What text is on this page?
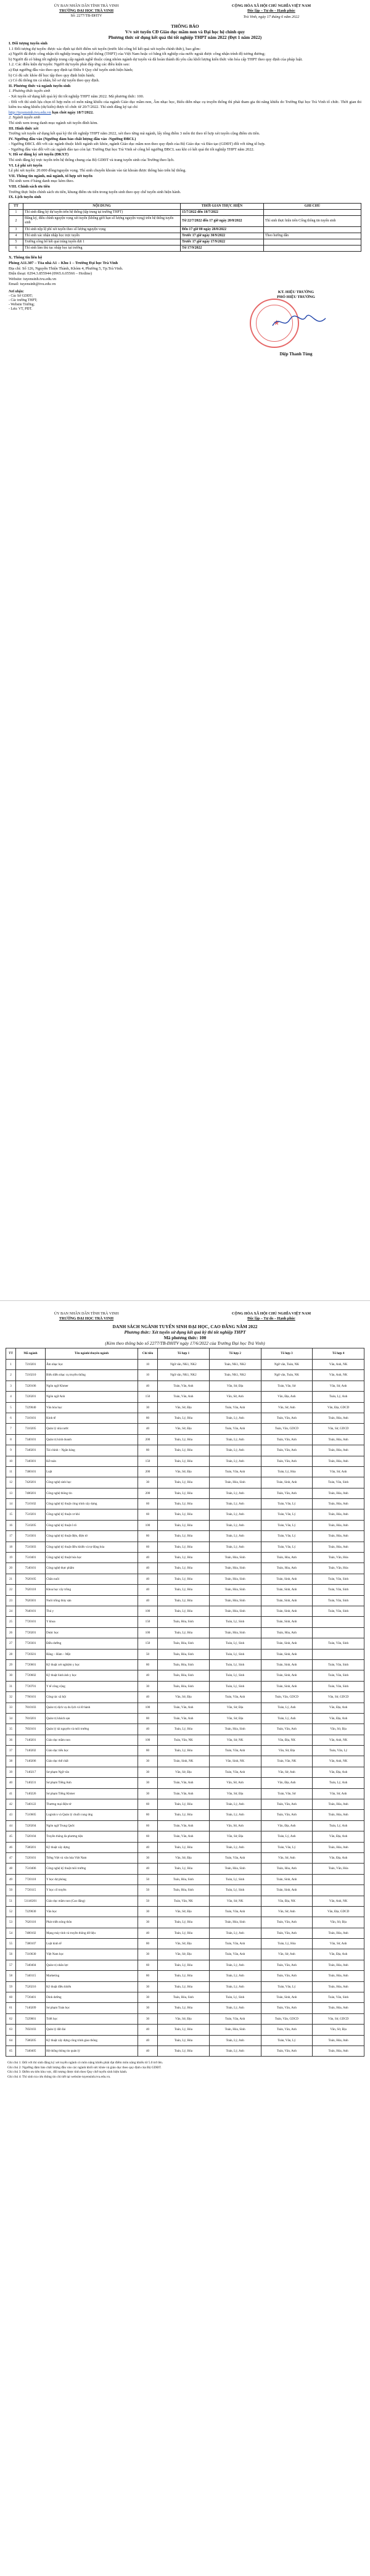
ỦY BAN NHÂN DÂN TỈNH TRÀ VINH
TRƯỜNG ĐẠI HỌC TRÀ VINH
Số: 2277/TB-ĐHTV
CỘNG HÒA XÃ HỘI CHỦ NGHĨA VIỆT NAM
Độc lập – Tự do – Hạnh phúc
Trà Vinh, ngày 17 tháng 6 năm 2022
THÔNG BÁO
V/v xét tuyển CĐ Giáo dục mầm non và Đại học hệ chính quy
Phương thức sử dụng kết quả thi tốt nghiệp THPT năm 2022 (Đợt 1 năm 2022)

I. Đối tượng tuyển sinh

1.1 Đối tượng dự tuyển: được xác định tại thời điểm xét tuyển (trước khi công bố kết quả xét tuyển chính thức), bao gồm:

a) Người đã được công nhận tốt nghiệp trung học phổ thông (THPT) của Việt Nam hoặc có bằng tốt nghiệp của nước ngoài được công nhận trình độ tương đương;

b) Người đã có bằng tốt nghiệp trung cấp ngành nghề thuộc cùng nhóm ngành dự tuyển và đã hoàn thành đủ yêu cầu khối lượng kiến thức văn hóa cấp THPT theo quy định của pháp luật.

1.2. Các điều kiện dự tuyển: Người dự tuyển phải đáp ứng các điều kiện sau:

a) Đạt ngưỡng đầu vào theo quy định tại Điều 9 Quy chế tuyển sinh hiện hành;

b) Có đủ sức khỏe để học tập theo quy định hiện hành;

c) Có đủ thông tin cá nhân, hồ sơ dự tuyển theo quy định.

II. Phương thức và ngành tuyển sinh

1. Phương thức tuyển sinh

- Xét tuyển sử dụng kết quả kỳ thi tốt nghiệp THPT năm 2022. Mã phương thức: 100.

- Đối với thí sinh lựa chọn tổ hợp môn có môn năng khiếu của ngành Giáo dục mầm non, Âm nhạc học, Biểu diễn nhạc cụ truyền thống thì phải tham gia thi năng khiếu do Trường Đại học Trà Vinh tổ chức. Thời gian thi kiểm tra năng khiếu (dự kiến) được tổ chức từ 20/7/2022. Thí sinh đăng ký tại chỉ

http://tuyensinh.tvu.edu.vn hạn chót ngày 18/7/2022.

2. Ngành tuyển sinh

Thí sinh xem trong danh mục ngành xét tuyển đính kèm.

III. Hình thức xét

Trường xét tuyển sử dụng kết quả kỳ thi tốt nghiệp THPT năm 2022, xét theo từng mã ngành, lấy tổng điểm 3 môn thi theo tổ hợp xét tuyển cộng điểm ưu tiên.

IV. Ngưỡng đầu vào (Ngưỡng đảm bảo chất lượng đầu vào -Ngưỡng ĐBCL)

- Ngưỡng ĐBCL đối với các ngành thuộc khối ngành sức khỏe, ngành Giáo dục mầm non theo quy định của Bộ Giáo dục và Đào tạo (GDĐT) đối với từng tổ hợp.

- Ngưỡng đầu vào đối với các ngành đào tạo còn lại: Trường Đại học Trà Vinh sẽ công bố ngưỡng ĐBCL sau khi có kết quả thi tốt nghiệp THPT năm 2022.

V. Hồ sơ đăng ký xét tuyển (ĐKXT)

Thí sinh đăng ký trực tuyến trên hệ thống chung của Bộ GDĐT và trang tuyển sinh của Trường theo lịch.

VI. Lệ phí xét tuyển

Lệ phí xét tuyển: 20.000 đồng/nguyện vọng. Thí sinh chuyển khoản vào tài khoản được thông báo trên hệ thống.

VII. Thông tin ngành, mã ngành, tổ hợp xét tuyển

Thí sinh xem ở bảng danh mục kèm theo.

VIII. Chính sách ưu tiên

Trường thực hiện chính sách ưu tiên, khung điểm ưu tiên trong tuyển sinh theo quy chế tuyển sinh hiện hành.

IX. Lịch tuyển sinh

TT	NỘI DUNG	THỜI GIAN THỰC HIỆN	GHI CHÚ
1	Thí sinh đăng ký dự tuyển trên hệ thống (tập trung tại trường THPT)	15/7/2022 đến 18/7/2022	
2	Đăng ký, điều chỉnh nguyện vọng xét tuyển (không giới hạn số lượng nguyện vọng) trên hệ thống tuyển sinh	Từ 22/7/2022 đến 17 giờ ngày 20/8/2022	Thí sinh thực hiện trên Cổng thông tin tuyển sinh
3	Thí sinh nộp lệ phí xét tuyển theo số lượng nguyện vọng	Đến 17 giờ 00 ngày 28/8/2022	
4	Thí sinh xác nhận nhập học trực tuyến	Trước 17 giờ ngày 30/9/2022	Theo hướng dẫn
5	Trường công bố kết quả trúng tuyển đợt 1	Trước 17 giờ ngày 17/9/2022	
6	Thí sinh làm thủ tục nhập học tại trường	Từ 17/9/2022	

X. Thông tin liên hệ

Phòng A11.307 – Tòa nhà A1 – Khu 1 – Trường Đại học Trà Vinh

Địa chỉ: Số 126, Nguyễn Thiện Thành, Khóm 4, Phường 5, Tp.Trà Vinh.

Điện thoại: 0294.3.855944 (0965.6.05566 – Hotline)

Website: tuyensinh.tvu.edu.vn

Email: tuyensinh@tvu.edu.vn

Nơi nhận:
- Các Sở GDĐT;
- Các trường THPT;
- Website Trường;
- Lưu: VT, PĐT.
KT. HIỆU TRƯỞNG
PHÓ HIỆU TRƯỞNG
★
Diệp Thanh Tùng
ỦY BAN NHÂN DÂN TỈNH TRÀ VINH
TRƯỜNG ĐẠI HỌC TRÀ VINH
CỘNG HÒA XÃ HỘI CHỦ NGHĨA VIỆT NAM
Độc lập – Tự do – Hạnh phúc
DANH SÁCH NGÀNH TUYỂN SINH ĐẠI HỌC, CAO ĐẲNG NĂM 2022
Phương thức: Xét tuyển sử dụng kết quả kỳ thi tốt nghiệp THPT
Mã phương thức: 100
(Kèm theo thông báo số 2277/TB-ĐHTV ngày 17/6/2022 của Trường Đại học Trà Vinh)
TT	Mã ngành	Tên ngành/chuyên ngành	Chỉ tiêu	Tổ hợp 1	Tổ hợp 2	Tổ hợp 3	Tổ hợp 4
1	7210201	Âm nhạc học	10	Ngữ văn, NK1, NK2	Toán, NK1, NK2	Ngữ văn, Toán, NK	Văn, Anh, NK
2	7210210	Biểu diễn nhạc cụ truyền thống	10	Ngữ văn, NK1, NK2	Toán, NK1, NK2	Ngữ văn, Toán, NK	Văn, Anh, NK
3	7220106	Ngôn ngữ Khmer	40	Toán, Văn, Anh	Văn, Sử, Địa	Toán, Văn, Sử	Văn, Sử, Anh
4	7220201	Ngôn ngữ Anh	150	Toán, Văn, Anh	Văn, Sử, Anh	Văn, Địa, Anh	Toán, Lý, Anh
5	7229040	Văn hóa học	30	Văn, Sử, Địa	Toán, Văn, Anh	Văn, Sử, Anh	Văn, Địa, GDCD
6	7310101	Kinh tế	80	Toán, Lý, Hóa	Toán, Lý, Anh	Toán, Văn, Anh	Toán, Hóa, Anh
7	7310205	Quản lý nhà nước	40	Văn, Sử, Địa	Toán, Văn, Anh	Toán, Văn, GDCD	Văn, Sử, GDCD
8	7340101	Quản trị kinh doanh	200	Toán, Lý, Hóa	Toán, Lý, Anh	Toán, Văn, Anh	Toán, Hóa, Anh
9	7340201	Tài chính – Ngân hàng	80	Toán, Lý, Hóa	Toán, Lý, Anh	Toán, Văn, Anh	Toán, Hóa, Anh
10	7340301	Kế toán	150	Toán, Lý, Hóa	Toán, Lý, Anh	Toán, Văn, Anh	Toán, Hóa, Anh
11	7380101	Luật	200	Văn, Sử, Địa	Toán, Văn, Anh	Toán, Lý, Hóa	Văn, Sử, Anh
12	7420201	Công nghệ sinh học	30	Toán, Lý, Hóa	Toán, Hóa, Sinh	Toán, Sinh, Anh	Toán, Văn, Sinh
13	7480201	Công nghệ thông tin	200	Toán, Lý, Hóa	Toán, Lý, Anh	Toán, Văn, Anh	Toán, Hóa, Anh
14	7510102	Công nghệ kỹ thuật công trình xây dựng	60	Toán, Lý, Hóa	Toán, Lý, Anh	Toán, Văn, Lý	Toán, Hóa, Anh
15	7510201	Công nghệ kỹ thuật cơ khí	60	Toán, Lý, Hóa	Toán, Lý, Anh	Toán, Văn, Lý	Toán, Hóa, Anh
16	7510205	Công nghệ kỹ thuật ô tô	100	Toán, Lý, Hóa	Toán, Lý, Anh	Toán, Văn, Lý	Toán, Hóa, Anh
17	7510301	Công nghệ kỹ thuật điện, điện tử	80	Toán, Lý, Hóa	Toán, Lý, Anh	Toán, Văn, Lý	Toán, Hóa, Anh
18	7510303	Công nghệ kỹ thuật điều khiển và tự động hóa	60	Toán, Lý, Hóa	Toán, Lý, Anh	Toán, Văn, Lý	Toán, Hóa, Anh
19	7510401	Công nghệ kỹ thuật hóa học	40	Toán, Lý, Hóa	Toán, Hóa, Sinh	Toán, Hóa, Anh	Toán, Văn, Hóa
20	7540101	Công nghệ thực phẩm	40	Toán, Lý, Hóa	Toán, Hóa, Sinh	Toán, Hóa, Anh	Toán, Văn, Hóa
21	7620105	Chăn nuôi	40	Toán, Lý, Hóa	Toán, Hóa, Sinh	Toán, Sinh, Anh	Toán, Văn, Sinh
22	7620110	Khoa học cây trồng	40	Toán, Lý, Hóa	Toán, Hóa, Sinh	Toán, Sinh, Anh	Toán, Văn, Sinh
23	7620301	Nuôi trồng thủy sản	40	Toán, Lý, Hóa	Toán, Hóa, Sinh	Toán, Sinh, Anh	Toán, Văn, Sinh
24	7640101	Thú y	100	Toán, Lý, Hóa	Toán, Hóa, Sinh	Toán, Sinh, Anh	Toán, Văn, Sinh
25	7720101	Y khoa	150	Toán, Hóa, Sinh	Toán, Lý, Sinh	Toán, Sinh, Anh	
26	7720201	Dược học	100	Toán, Lý, Hóa	Toán, Hóa, Sinh	Toán, Hóa, Anh	
27	7720301	Điều dưỡng	150	Toán, Hóa, Sinh	Toán, Lý, Sinh	Toán, Sinh, Anh	Toán, Văn, Sinh
28	7720501	Răng – Hàm – Mặt	50	Toán, Hóa, Sinh	Toán, Lý, Sinh	Toán, Sinh, Anh	
29	7720601	Kỹ thuật xét nghiệm y học	80	Toán, Hóa, Sinh	Toán, Lý, Sinh	Toán, Sinh, Anh	Toán, Văn, Sinh
30	7720602	Kỹ thuật hình ảnh y học	40	Toán, Hóa, Sinh	Toán, Lý, Sinh	Toán, Sinh, Anh	Toán, Văn, Sinh
31	7720701	Y tế công cộng	30	Toán, Hóa, Sinh	Toán, Lý, Sinh	Toán, Sinh, Anh	Toán, Văn, Sinh
32	7760101	Công tác xã hội	40	Văn, Sử, Địa	Toán, Văn, Anh	Toán, Văn, GDCD	Văn, Sử, GDCD
33	7810103	Quản trị dịch vụ du lịch và lữ hành	100	Toán, Văn, Anh	Văn, Sử, Địa	Toán, Lý, Anh	Văn, Địa, Anh
34	7810201	Quản trị khách sạn	80	Toán, Văn, Anh	Văn, Sử, Địa	Toán, Lý, Anh	Văn, Địa, Anh
35	7850101	Quản lý tài nguyên và môi trường	40	Toán, Lý, Hóa	Toán, Hóa, Sinh	Toán, Văn, Anh	Văn, Sử, Địa
36	7140201	Giáo dục mầm non	100	Toán, Văn, NK	Văn, Sử, NK	Văn, Địa, NK	Văn, Anh, NK
37	7140202	Giáo dục tiểu học	80	Toán, Lý, Hóa	Toán, Văn, Anh	Văn, Sử, Địa	Toán, Văn, Lý
38	7140206	Giáo dục thể chất	30	Toán, Sinh, NK	Văn, Sinh, NK	Toán, Văn, NK	Văn, Anh, NK
39	7140217	Sư phạm Ngữ văn	30	Văn, Sử, Địa	Toán, Văn, Anh	Văn, Sử, Anh	Văn, Địa, Anh
40	7140231	Sư phạm Tiếng Anh	30	Toán, Văn, Anh	Văn, Sử, Anh	Văn, Địa, Anh	Toán, Lý, Anh
41	7140226	Sư phạm Tiếng Khmer	30	Toán, Văn, Anh	Văn, Sử, Địa	Toán, Văn, Sử	Văn, Sử, Anh
42	7340122	Thương mại điện tử	60	Toán, Lý, Hóa	Toán, Lý, Anh	Toán, Văn, Anh	Toán, Hóa, Anh
43	7510605	Logistics và Quản lý chuỗi cung ứng	80	Toán, Lý, Hóa	Toán, Lý, Anh	Toán, Văn, Anh	Toán, Hóa, Anh
44	7220204	Ngôn ngữ Trung Quốc	60	Toán, Văn, Anh	Văn, Sử, Anh	Văn, Địa, Anh	Toán, Lý, Anh
45	7320104	Truyền thông đa phương tiện	60	Toán, Văn, Anh	Văn, Sử, Địa	Toán, Lý, Anh	Văn, Địa, Anh
46	7580201	Kỹ thuật xây dựng	40	Toán, Lý, Hóa	Toán, Lý, Anh	Toán, Văn, Lý	Toán, Hóa, Anh
47	7220101	Tiếng Việt và văn hóa Việt Nam	30	Văn, Sử, Địa	Toán, Văn, Anh	Văn, Sử, Anh	Văn, Địa, Anh
48	7510406	Công nghệ kỹ thuật môi trường	40	Toán, Lý, Hóa	Toán, Hóa, Sinh	Toán, Hóa, Anh	Toán, Văn, Hóa
49	7720110	Y học dự phòng	50	Toán, Hóa, Sinh	Toán, Lý, Sinh	Toán, Sinh, Anh	
50	7720115	Y học cổ truyền	50	Toán, Hóa, Sinh	Toán, Lý, Sinh	Toán, Sinh, Anh	
51	51140201	Giáo dục mầm non (Cao đẳng)	50	Toán, Văn, NK	Văn, Sử, NK	Văn, Địa, NK	Văn, Anh, NK
52	7229030	Văn học	30	Văn, Sử, Địa	Toán, Văn, Anh	Văn, Sử, Anh	Văn, Địa, GDCD
53	7620116	Phát triển nông thôn	30	Toán, Lý, Hóa	Toán, Hóa, Sinh	Toán, Văn, Anh	Văn, Sử, Địa
54	7480102	Mạng máy tính và truyền thông dữ liệu	40	Toán, Lý, Hóa	Toán, Lý, Anh	Toán, Văn, Anh	Toán, Hóa, Anh
55	7380107	Luật kinh tế	80	Văn, Sử, Địa	Toán, Văn, Anh	Toán, Lý, Hóa	Văn, Sử, Anh
56	7310630	Việt Nam học	30	Văn, Sử, Địa	Toán, Văn, Anh	Văn, Sử, Anh	Văn, Địa, Anh
57	7340404	Quản trị nhân lực	60	Toán, Lý, Hóa	Toán, Lý, Anh	Toán, Văn, Anh	Toán, Hóa, Anh
58	7340115	Marketing	80	Toán, Lý, Hóa	Toán, Lý, Anh	Toán, Văn, Anh	Toán, Hóa, Anh
59	7520216	Kỹ thuật điều khiển	30	Toán, Lý, Hóa	Toán, Lý, Anh	Toán, Văn, Lý	Toán, Hóa, Anh
60	7720401	Dinh dưỡng	30	Toán, Hóa, Sinh	Toán, Lý, Sinh	Toán, Sinh, Anh	Toán, Văn, Sinh
61	7140209	Sư phạm Toán học	30	Toán, Lý, Hóa	Toán, Lý, Anh	Toán, Văn, Anh	Toán, Hóa, Anh
62	7229001	Triết học	30	Văn, Sử, Địa	Toán, Văn, Anh	Toán, Văn, GDCD	Văn, Sử, GDCD
63	7850103	Quản lý đất đai	40	Toán, Lý, Hóa	Toán, Hóa, Sinh	Toán, Văn, Anh	Văn, Sử, Địa
64	7580205	Kỹ thuật xây dựng công trình giao thông	40	Toán, Lý, Hóa	Toán, Lý, Anh	Toán, Văn, Lý	Toán, Hóa, Anh
65	7340405	Hệ thống thông tin quản lý	40	Toán, Lý, Hóa	Toán, Lý, Anh	Toán, Văn, Anh	Toán, Hóa, Anh

Ghi chú 1: Đối với thí sinh đăng ký xét tuyển ngành có môn năng khiếu phải đạt điểm môn năng khiếu từ 5.0 trở lên.

Ghi chú 2: Ngưỡng đảm bảo chất lượng đầu vào các ngành khối sức khỏe và giáo dục theo quy định của Bộ GDĐT.

Ghi chú 3: Điểm ưu tiên khu vực, đối tượng được tính theo Quy chế tuyển sinh hiện hành.

Ghi chú 4: Thí sinh tra cứu thông tin chi tiết tại website tuyensinh.tvu.edu.vn.
